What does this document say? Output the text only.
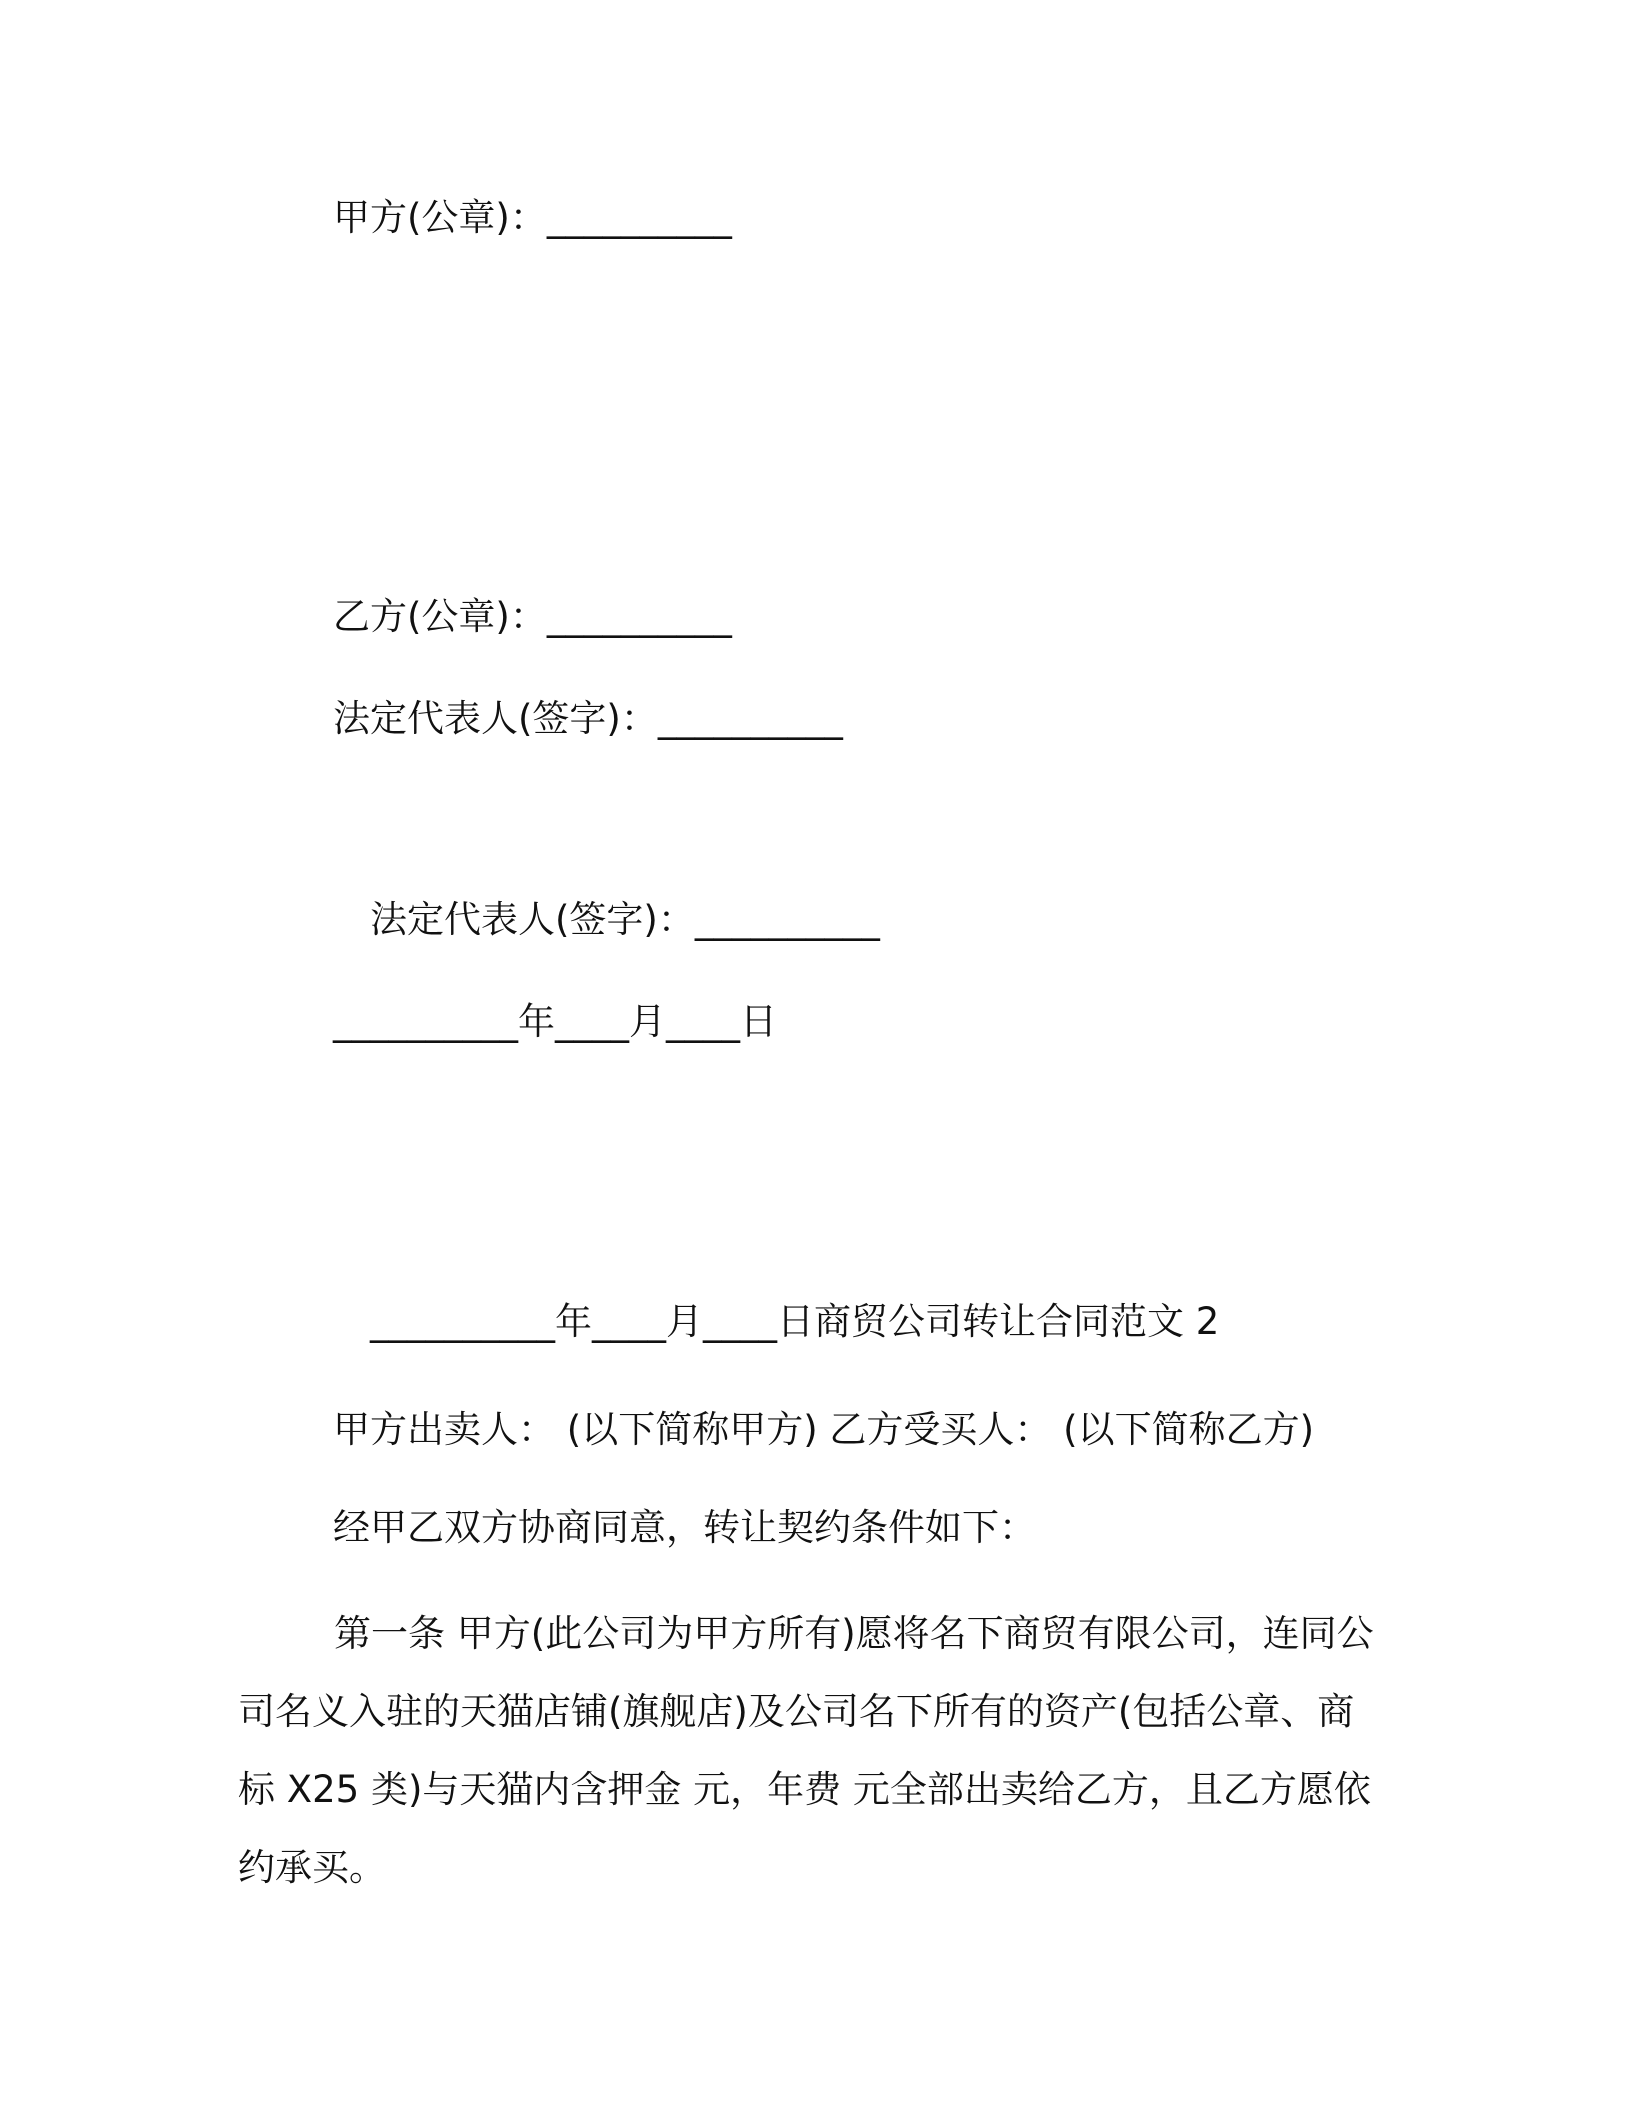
甲方(公章)：__________
乙方(公章)：__________
法定代表人(签字)：__________
法定代表人(签字)：__________
__________年____月____日
__________年____月____日商贸公司转让合同范文 2
甲方出卖人： (以下简称甲方) 乙方受买人： (以下简称乙方)
经甲乙双方协商同意，转让契约条件如下：
第一条 甲方(此公司为甲方所有)愿将名下商贸有限公司，连同公司名义入驻的天猫店铺(旗舰店)及公司名下所有的资产(包括公章、商标 X25 类)与天猫内含押金 元，年费 元全部出卖给乙方，且乙方愿依约承买。
